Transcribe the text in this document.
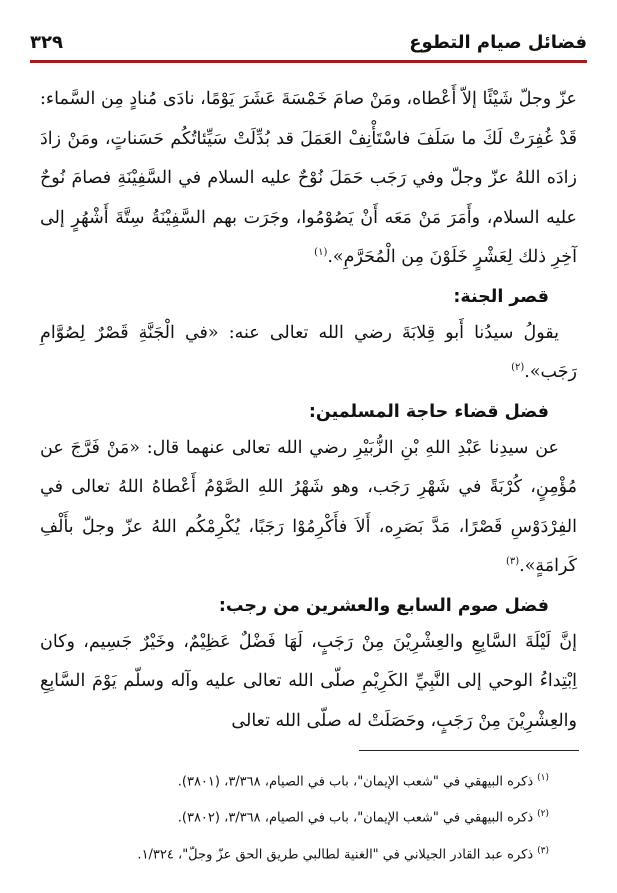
فضائل صيام التطوع
٣٢٩

عزّ وجلّ شَيْئًا إلاّ أَعْطاه، ومَنْ صامَ خَمْسَةَ عَشَرَ يَوْمًا، نادَى مُنادٍ مِن السَّماء: قَدْ غُفِرَتْ لَكَ ما سَلَفَ فاسْتَأْنِفْ العَمَلَ قد بُدِّلَتْ سَيِّئاتُكُم حَسَناتٍ، ومَنْ زادَ زادَه اللهُ عزّ وجلّ وفي رَجَب حَمَلَ نُوْحٌ عليه السلام في السَّفِيْنَةِ فصامَ نُوحٌ عليه السلام، وأَمَرَ مَنْ مَعَه أَنْ يَصُوْمُوا، وجَرَت بهم السَّفِيْنَةُ سِتَّةَ أَشْهُرٍ إلى آخِرِ ذلك لِعَشْرٍ خَلَوْنَ مِن الْمُحَرَّمِ».$^{(١)}$

قصر الجنة:

يقولُ سيدُنا أَبو قِلابَةَ رضي الله تعالى عنه: «في الْجَنَّةِ قَصْرٌ لِصُوَّامِ رَجَب».$^{(٢)}$

فضل قضاء حاجة المسلمين:

عن سيدِنا عَبْدِ اللهِ بْنِ الزُّبَيْرِ رضي الله تعالى عنهما قال: «مَنْ فَرَّجَ عن مُؤْمِنٍ، كُرْبَةً في شَهْرِ رَجَب، وهو شَهْرُ اللهِ الصَّوْمُ أَعْطاهُ اللهُ تعالى في الفِرْدَوْسِ قَصْرًا، مَدَّ بَصَرِه، أَلاَ فأَكْرِمُوْا رَجَبًا، يُكْرِمْكُم اللهُ عزّ وجلّ بأَلْفِ كَرامَةٍ».$^{(٣)}$

فضل صوم السابع والعشرين من رجب:

إنَّ لَيْلَةَ السَّابِعِ والعِشْرِيْنَ مِنْ رَجَبٍ، لَهَا فَضْلٌ عَظِيْمٌ، وخَيْرٌ جَسِيم، وكان اِبْتِداءُ الوحي إلى النَّبِيِّ الكَرِيْمِ صلّى الله تعالى عليه وآله وسلّم يَوْمَ السَّابِعِ والعِشْرِيْنَ مِنْ رَجَبٍ، وحَصَلَتْ له صلّى الله تعالى

$^{(١)}$ذكره البيهقي في "شعب الإيمان"، باب في الصيام، ٣/٣٦٨، (٣٨٠١).

$^{(٢)}$ذكره البيهقي في "شعب الإيمان"، باب في الصيام، ٣/٣٦٨، (٣٨٠٢).

$^{(٣)}$ذكره عبد القادر الجيلاني في "الغنية لطالبي طريق الحق عزّ وجلّ"، ١/٣٢٤.
